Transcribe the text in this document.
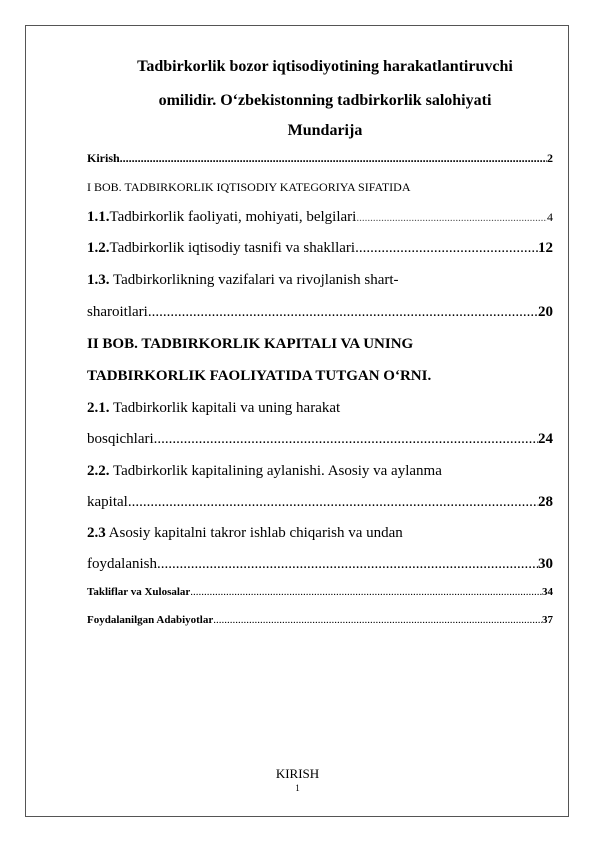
Tadbirkorlik bozor iqtisodiyotining harakatlantiruvchi
omilidir. O‘zbekistonning tadbirkorlik salohiyati
Mundarija
Kirish .....	2
I BOB. TADBIRKORLIK IQTISODIY KATEGORIYA SIFATIDA
1.1. Tadbirkorlik faoliyati, mohiyati, belgilari .....	4
1.2. Tadbirkorlik iqtisodiy tasnifi va shakllari .....	12
1.3. Tadbirkorlikning vazifalari va rivojlanish shart-
sharoitlari .....	20
II BOB. TADBIRKORLIK KAPITALI VA UNING
TADBIRKORLIK FAOLIYATIDA TUTGAN O‘RNI.
2.1. Tadbirkorlik kapitali va uning harakat
bosqichlari .....	24
2.2. Tadbirkorlik kapitalining aylanishi. Asosiy va aylanma
kapital .....	28
2.3 Asosiy kapitalni takror ishlab chiqarish va undan
foydalanish .....	30
Takliflar va Xulosalar .....	34
Foydalanilgan Adabiyotlar .....	37
KIRISH
1
